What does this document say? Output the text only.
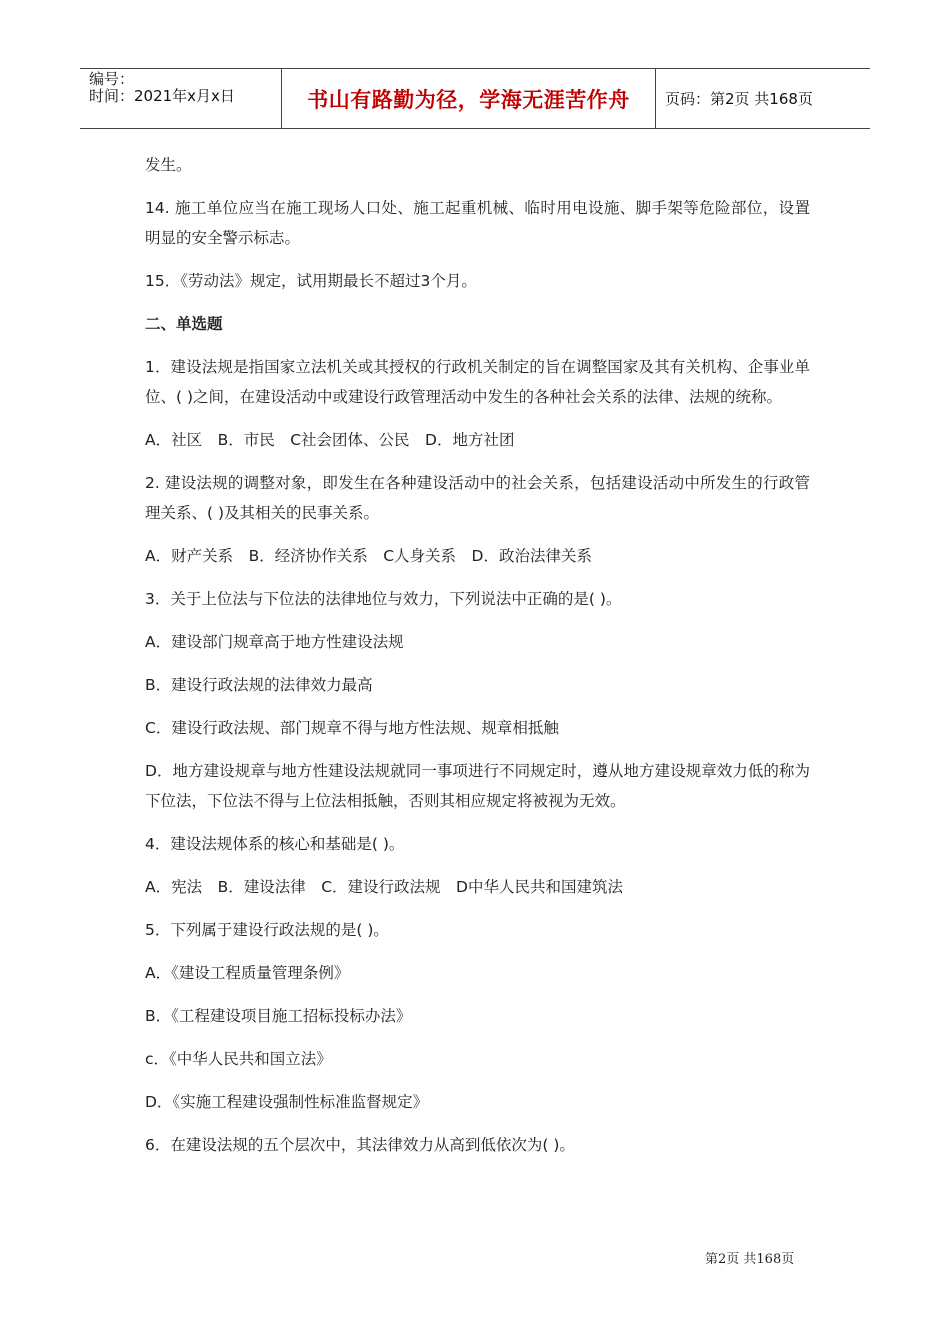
编号：
时间：2021年x月x日	书山有路勤为径，学海无涯苦作舟 页码：第2页 共168页

发生。

14. 施工单位应当在施工现场人口处、施工起重机械、临时用电设施、脚手架等危险部位，设置明显的安全警示标志。

15．《劳动法》规定，试用期最长不超过3个月。

二、单选题

1．建设法规是指国家立法机关或其授权的行政机关制定的旨在调整国家及其有关机构、企事业单位、( )之间，在建设活动中或建设行政管理活动中发生的各种社会关系的法律、法规的统称。

A．社区　B．市民　C社会团体、公民　D．地方社团

2. 建设法规的调整对象，即发生在各种建设活动中的社会关系，包括建设活动中所发生的行政管理关系、( )及其相关的民事关系。

A．财产关系　B．经济协作关系　C人身关系　D．政治法律关系

3．关于上位法与下位法的法律地位与效力，下列说法中正确的是( )。

A．建设部门规章高于地方性建设法规

B．建设行政法规的法律效力最高

C．建设行政法规、部门规章不得与地方性法规、规章相抵触

D．地方建设规章与地方性建设法规就同一事项进行不同规定时，遵从地方建设规章效力低的称为下位法，下位法不得与上位法相抵触，否则其相应规定将被视为无效。

4．建设法规体系的核心和基础是( )。

A．宪法　B．建设法律　C．建设行政法规　D中华人民共和国建筑法

5．下列属于建设行政法规的是( )。

A．《建设工程质量管理条例》

B．《工程建设项目施工招标投标办法》

c．《中华人民共和国立法》

D．《实施工程建设强制性标准监督规定》

6．在建设法规的五个层次中，其法律效力从高到低依次为( )。

第2页 共168页
